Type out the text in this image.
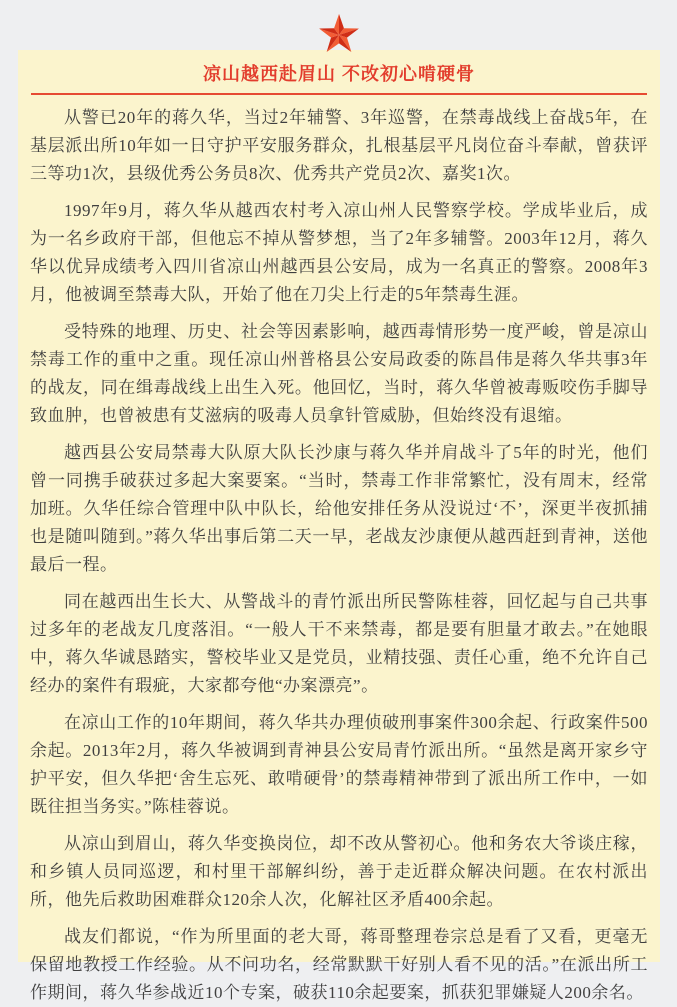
凉山越西赴眉山 不改初心啃硬骨

从警已20年的蒋久华，当过2年辅警、3年巡警，在禁毒战线上奋战5年，在基层派出所10年如一日守护平安服务群众，扎根基层平凡岗位奋斗奉献，曾获评三等功1次，县级优秀公务员8次、优秀共产党员2次、嘉奖1次。

1997年9月，蒋久华从越西农村考入凉山州人民警察学校。学成毕业后，成为一名乡政府干部，但他忘不掉从警梦想，当了2年多辅警。2003年12月，蒋久华以优异成绩考入四川省凉山州越西县公安局，成为一名真正的警察。2008年3月，他被调至禁毒大队，开始了他在刀尖上行走的5年禁毒生涯。

受特殊的地理、历史、社会等因素影响，越西毒情形势一度严峻，曾是凉山禁毒工作的重中之重。现任凉山州普格县公安局政委的陈昌伟是蒋久华共事3年的战友，同在缉毒战线上出生入死。他回忆，当时，蒋久华曾被毒贩咬伤手脚导致血肿，也曾被患有艾滋病的吸毒人员拿针管威胁，但始终没有退缩。

越西县公安局禁毒大队原大队长沙康与蒋久华并肩战斗了5年的时光，他们曾一同携手破获过多起大案要案。“当时，禁毒工作非常繁忙，没有周末，经常加班。久华任综合管理中队中队长，给他安排任务从没说过‘不’，深更半夜抓捕也是随叫随到。”蒋久华出事后第二天一早，老战友沙康便从越西赶到青神，送他最后一程。

同在越西出生长大、从警战斗的青竹派出所民警陈桂蓉，回忆起与自己共事过多年的老战友几度落泪。“一般人干不来禁毒，都是要有胆量才敢去。”在她眼中，蒋久华诚恳踏实，警校毕业又是党员，业精技强、责任心重，绝不允许自己经办的案件有瑕疵，大家都夸他“办案漂亮”。

在凉山工作的10年期间，蒋久华共办理侦破刑事案件300余起、行政案件500余起。2013年2月，蒋久华被调到青神县公安局青竹派出所。“虽然是离开家乡守护平安，但久华把‘舍生忘死、敢啃硬骨’的禁毒精神带到了派出所工作中，一如既往担当务实。”陈桂蓉说。

从凉山到眉山，蒋久华变换岗位，却不改从警初心。他和务农大爷谈庄稼，和乡镇人员同巡逻，和村里干部解纠纷，善于走近群众解决问题。在农村派出所，他先后救助困难群众120余人次，化解社区矛盾400余起。

战友们都说，“作为所里面的老大哥，蒋哥整理卷宗总是看了又看，更毫无保留地教授工作经验。从不问功名，经常默默干好别人看不见的活。”在派出所工作期间，蒋久华参战近10个专案，破获110余起要案，抓获犯罪嫌疑人200余名。
